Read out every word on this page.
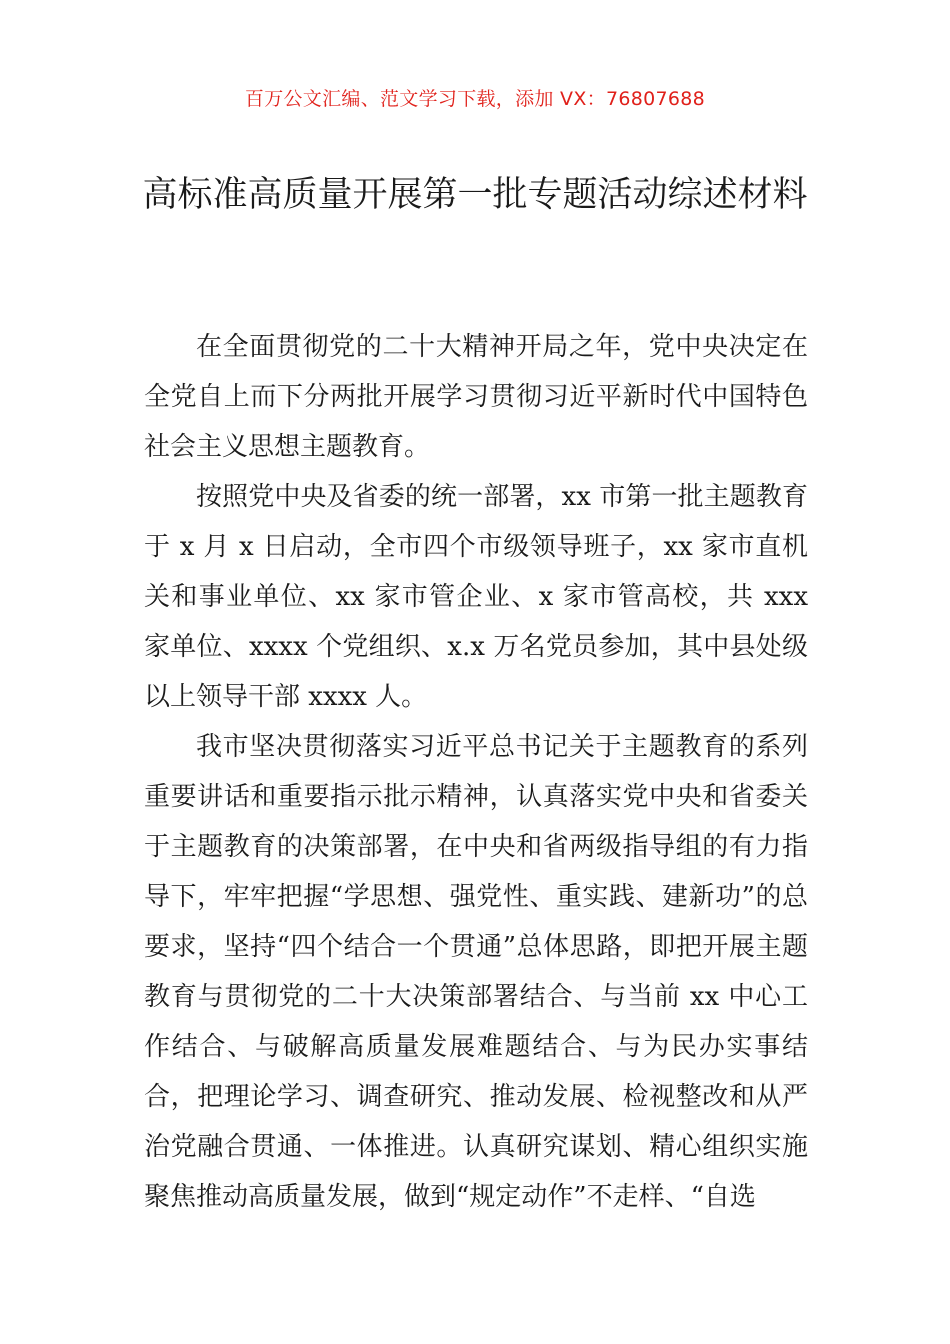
百万公文汇编、范文学习下载，添加 VX：76807688
高标准高质量开展第一批专题活动综述材料

在全面贯彻党的二十大精神开局之年，党中央决定在全党自上而下分两批开展学习贯彻习近平新时代中国特色社会主义思想主题教育。

按照党中央及省委的统一部署，xx 市第一批主题教育于 x 月 x 日启动，全市四个市级领导班子，xx 家市直机关和事业单位、xx 家市管企业、x 家市管高校，共 xxx 家单位、xxxx 个党组织、x.x 万名党员参加，其中县处级以上领导干部 xxxx 人。

我市坚决贯彻落实习近平总书记关于主题教育的系列重要讲话和重要指示批示精神，认真落实党中央和省委关于主题教育的决策部署，在中央和省两级指导组的有力指导下，牢牢把握“学思想、强党性、重实践、建新功”的总要求，坚持“四个结合一个贯通”总体思路，即把开展主题教育与贯彻党的二十大决策部署结合、与当前 xx 中心工作结合、与破解高质量发展难题结合、与为民办实事结合，把理论学习、调查研究、推动发展、检视整改和从严治党融合贯通、一体推进。认真研究谋划、精心组织实施聚焦推动高质量发展，做到“规定动作”不走样、“自选
